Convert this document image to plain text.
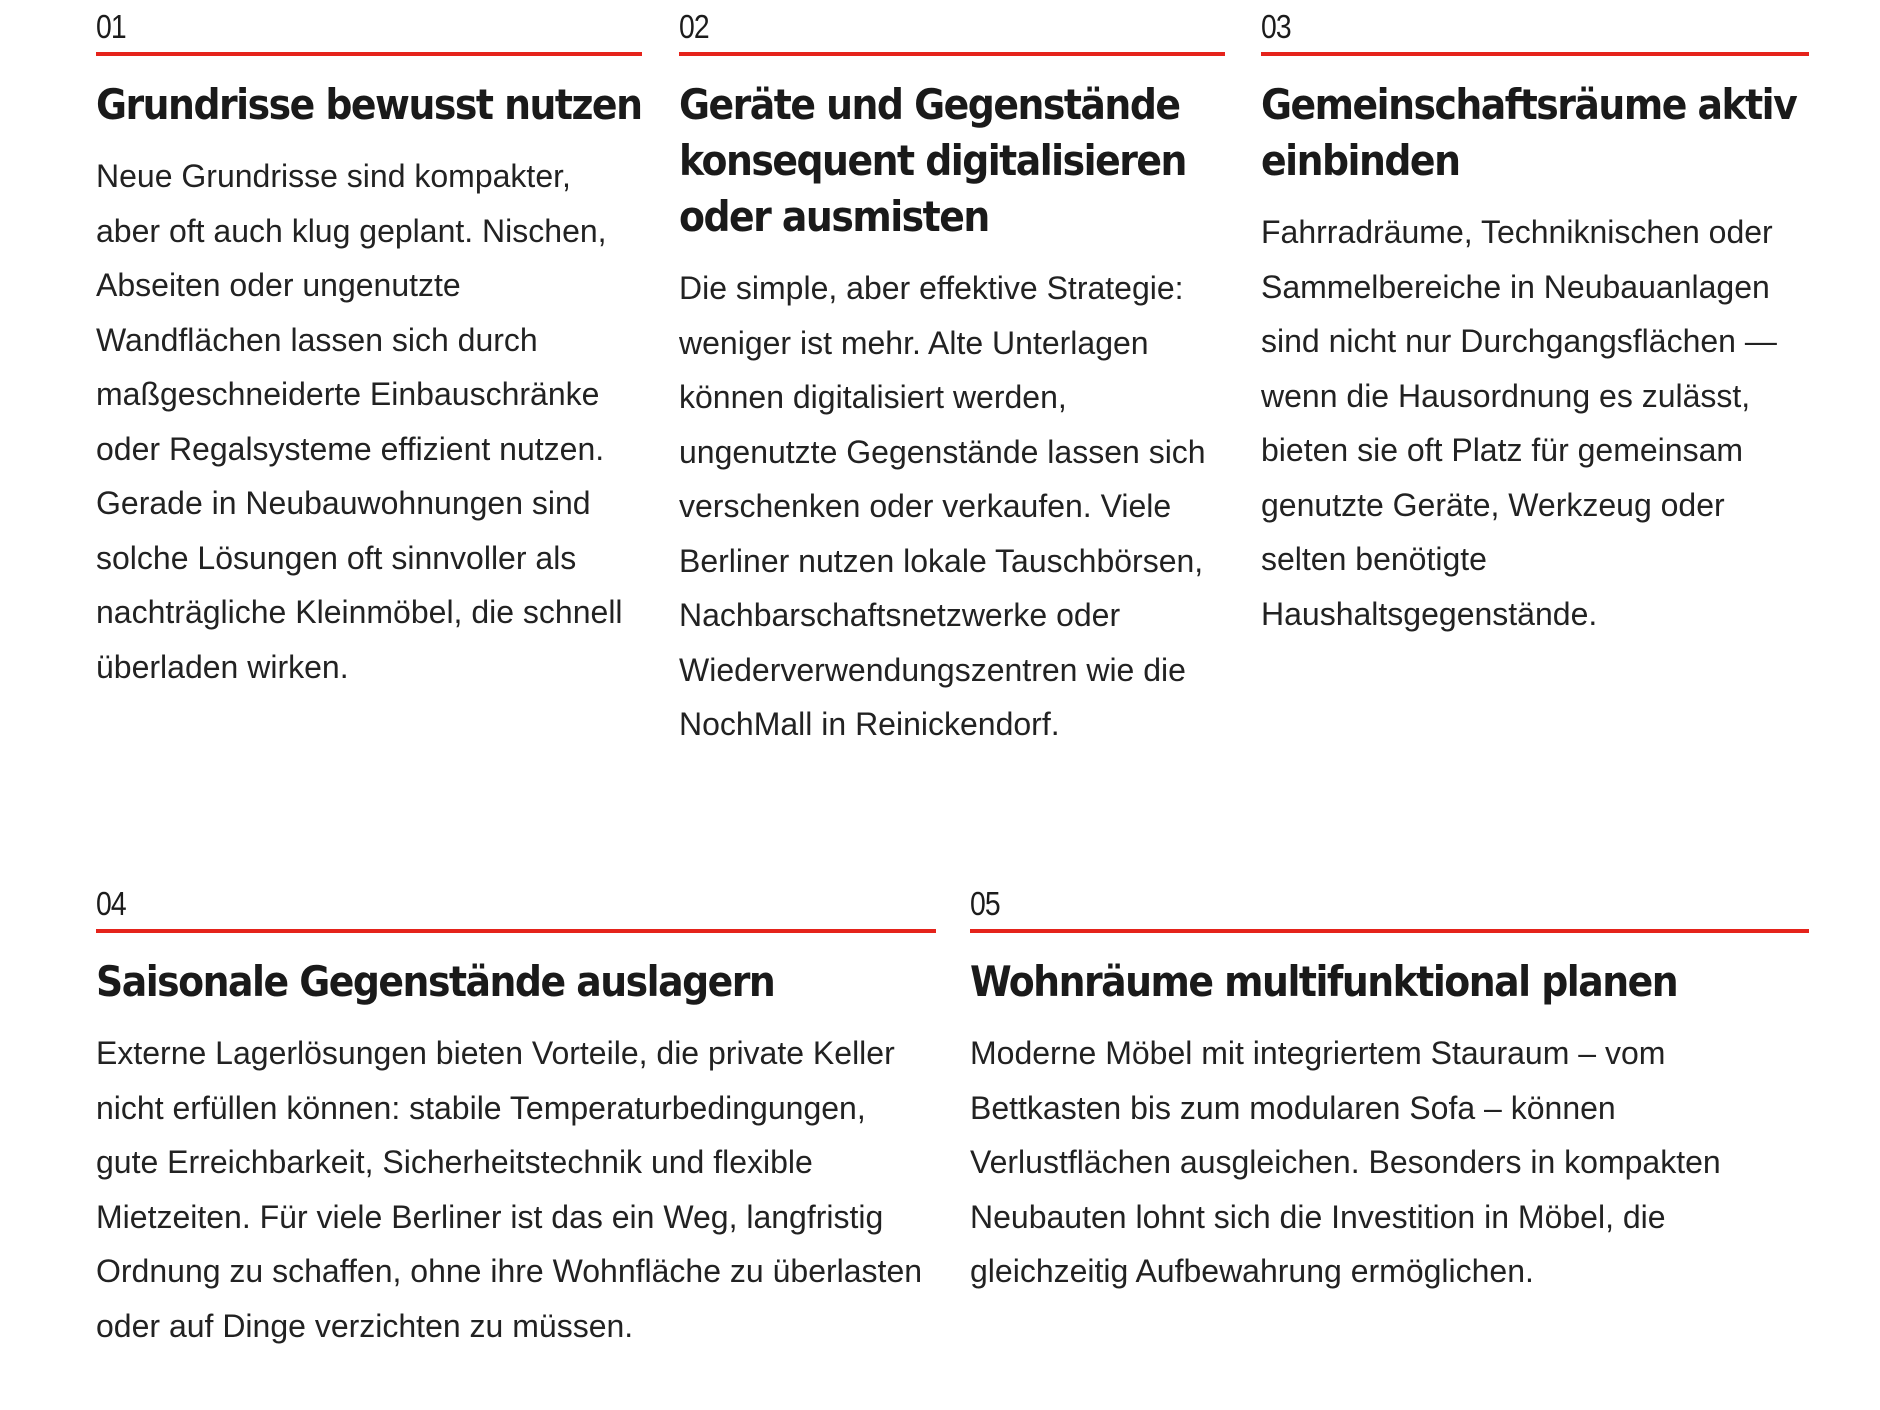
01
Grundrisse bewusst nutzen

Neue Grundrisse sind kompakter, aber oft auch klug geplant. Nischen, Abseiten oder ungenutzte Wandflächen lassen sich durch maßgeschneiderte Einbauschränke oder Regalsysteme effizient nutzen. Gerade in Neubauwohnungen sind solche Lösungen oft sinnvoller als nachträgliche Kleinmöbel, die schnell überladen wirken.

02
Geräte und Gegenstände konsequent digitalisieren oder ausmisten

Die simple, aber effektive Strategie: weniger ist mehr. Alte Unterlagen können digitalisiert werden, ungenutzte Gegenstände lassen sich verschenken oder verkaufen. Viele Berliner nutzen lokale Tauschbörsen, Nachbarschaftsnetzwerke oder Wiederverwendungszentren wie die NochMall in Reinickendorf.

03
Gemeinschaftsräume aktiv einbinden

Fahrradräume, Techniknischen oder Sammelbereiche in Neubauanlagen sind nicht nur Durchgangsflächen — wenn die Hausordnung es zulässt, bieten sie oft Platz für gemeinsam genutzte Geräte, Werkzeug oder selten benötigte Haushaltsgegenstände.

04
Saisonale Gegenstände auslagern

Externe Lagerlösungen bieten Vorteile, die private Keller nicht erfüllen können: stabile Temperaturbedingungen, gute Erreichbarkeit, Sicherheitstechnik und flexible Mietzeiten. Für viele Berliner ist das ein Weg, langfristig Ordnung zu schaffen, ohne ihre Wohnfläche zu überlasten oder auf Dinge verzichten zu müssen.

05
Wohnräume multifunktional planen

Moderne Möbel mit integriertem Stauraum – vom Bettkasten bis zum modularen Sofa – können Verlustflächen ausgleichen. Besonders in kompakten Neubauten lohnt sich die Investition in Möbel, die gleichzeitig Aufbewahrung ermöglichen.
